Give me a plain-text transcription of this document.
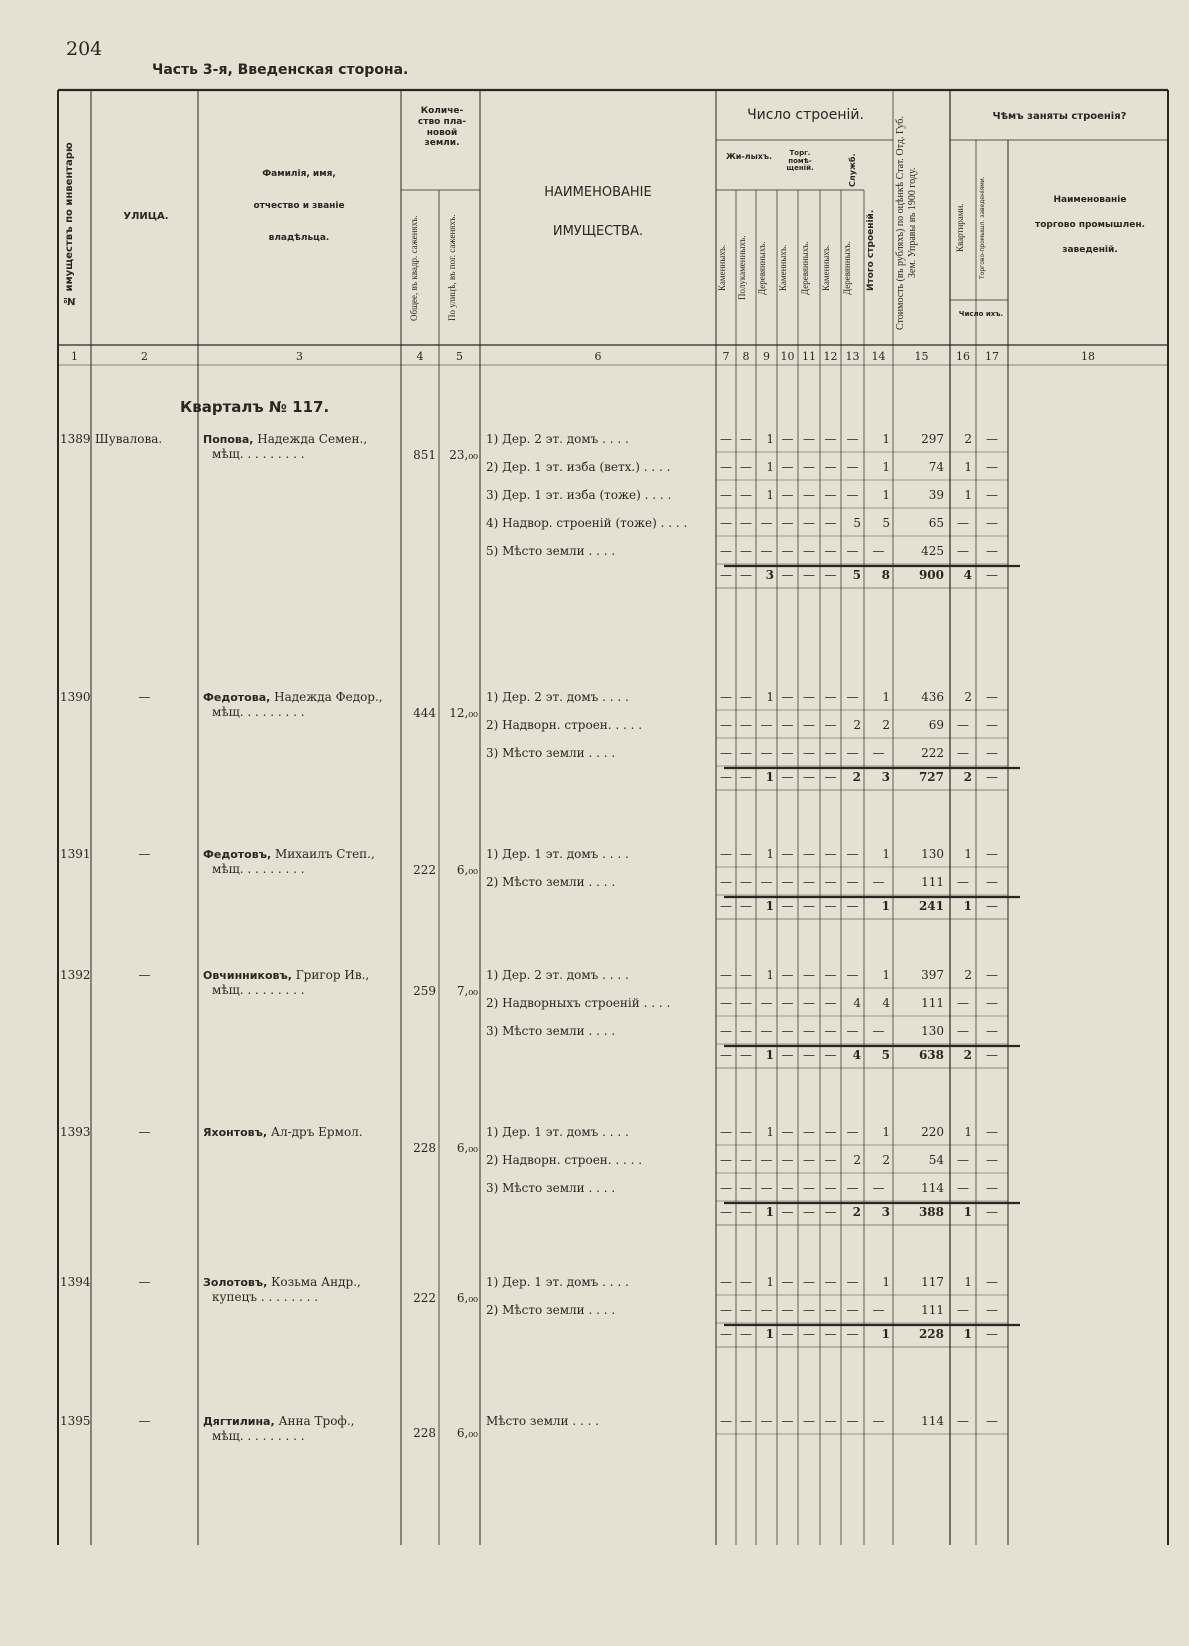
204
Часть 3-я, Введенская сторона.
№ имуществъ по инвентарю	УЛИЦА.
Фамилія, имя,
отчество и званіе
владѣльца.
Количе-
ство пла-
новой
земли.
Общее, въ квадр. саженяхъ.	По улицѣ, въ пог. саженяхъ.
НАИМЕНОВАНІЕ
ИМУЩЕСТВА.
Число строеній.
Жи-лыхъ.	Торг. помѣ-щеній.	Служб.
Каменныхъ.	Полукаменныхъ.	Деревянныхъ.	Каменныхъ.	Деревянныхъ.	Каменныхъ.	Деревянныхъ.	Итого строеній.	Стоимость (въ рубляхъ) по оцѣнкѣ Стат. Отд. Губ. Зем. Управы въ 1900 году.
Чѣмъ заняты строенія?
Квартирами.	Торгово-промышл. заведеніями.
Число ихъ.
Наименованіе
торгово промышлен.
заведеній.
1	2	3	4	5	6	7	8	9 10 11 12 13	14	15	16	17	18
Кварталъ № 117.
1389 Шуваловa.	Попова, Надежда Семен.,
мѣщ. . . . . . . . .	851	23,₀₀
1) Дер. 2 эт. домъ . . . .	— —	1 — — — —	1	297	2	—
2) Дер. 1 эт. изба (ветх.) . . . .	— —	1 — — — —	1	74	1	—
3) Дер. 1 эт. изба (тоже) . . . .	— —	1 — — — —	1	39	1	—
4) Надвор. строеній (тоже) . . . .	— — — — — —	5	5	65	—	—
5) Мѣсто земли . . . .	— — — — — — —	—	425	—	—
— —	3 — — —	5	8	900	4	—
1390	—	Федотова, Надежда Федор.,
мѣщ. . . . . . . . .	444	12,₀₀
1) Дер. 2 эт. домъ . . . .	— —	1 — — — —	1	436	2	—
2) Надворн. строен. . . . .	— — — — — —	2	2	69	—	—
3) Мѣсто земли . . . .	— — — — — — —	—	222	—	—
— —	1 — — —	2	3	727	2	—
1391	—	Федотовъ, Михаилъ Степ.,
мѣщ. . . . . . . . .	222	6,₀₀
1) Дер. 1 эт. домъ . . . .	— —	1 — — — —	1	130	1	—
2) Мѣсто земли . . . .	— — — — — — —	—	111	—	—
— —	1 — — — —	1	241	1	—
1392	—	Овчинниковъ, Григор Ив.,
мѣщ. . . . . . . . .	259	7,₀₀
1) Дер. 2 эт. домъ . . . .	— —	1 — — — —	1	397	2	—
2) Надворныхъ строеній . . . .	— — — — — —	4	4	111	—	—
3) Мѣсто земли . . . .	— — — — — — —	—	130	—	—
— —	1 — — —	4	5	638	2	—
1393	—	Яхонтовъ, Ал-дръ Ермол.
228	6,₀₀
1) Дер. 1 эт. домъ . . . .	— —	1 — — — —	1	220	1	—
2) Надворн. строен. . . . .	— — — — — —	2	2	54	—	—
3) Мѣсто земли . . . .	— — — — — — —	—	114	—	—
— —	1 — — —	2	3	388	1	—
1394	—	Золотовъ, Козьма Андр.,
купецъ . . . . . . . .	222	6,₀₀
1) Дер. 1 эт. домъ . . . .	— —	1 — — — —	1	117	1	—
2) Мѣсто земли . . . .	— — — — — — —	—	111	—	—
— —	1 — — — —	1	228	1	—
1395	—	Дягтилина, Анна Троф.,
мѣщ. . . . . . . . .	228	6,₀₀
Мѣсто земли . . . .	— — — — — — —	—	114	—	—
